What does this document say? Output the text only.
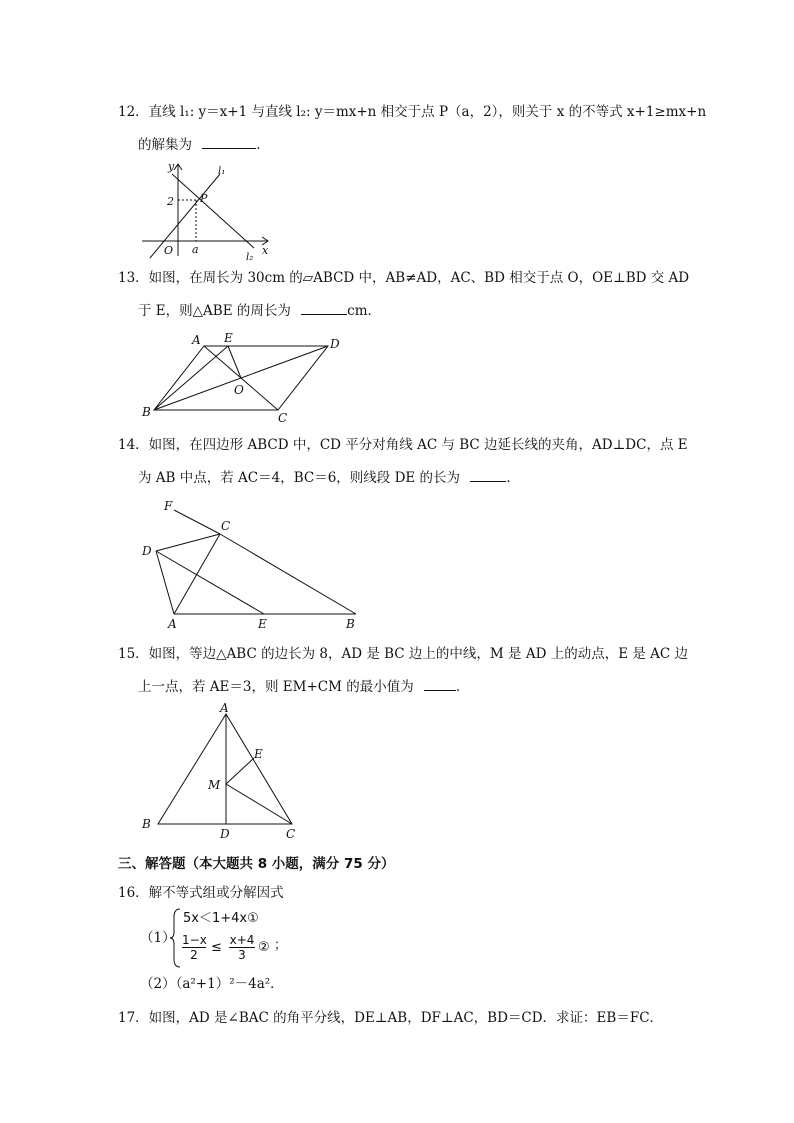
12．直线 l₁: y＝x+1 与直线 l₂: y＝mx+n 相交于点 P（a，2），则关于 x 的不等式 x+1≥mx+n
的解集为	．
y
x
O
2
a
P
l₁
l₂
13．如图，在周长为 30cm 的▱ABCD 中，AB≠AD，AC、BD 相交于点 O，OE⊥BD 交 AD
于 E，则△ABE 的周长为	cm．
A E	D
O
B	C
14．如图，在四边形 ABCD 中，CD 平分对角线 AC 与 BC 边延长线的夹角，AD⊥DC，点 E
为 AB 中点，若 AC＝4，BC＝6，则线段 DE 的长为	．
F
C
D
A	E	B
15．如图，等边△ABC 的边长为 8，AD 是 BC 边上的中线，M 是 AD 上的动点，E 是 AC 边
上一点，若 AE＝3，则 EM+CM 的最小值为	．
A
E
M
B
D	C
三、解答题（本大题共 8 小题，满分 75 分）
16．解不等式组或分解因式
（1）
5x＜1+4x①
$\frac{1-x}{2} \le \frac{x+4}{3}$ ② ；
（2）（a²+1）²－4a²．
17．如图，AD 是∠BAC 的角平分线，DE⊥AB，DF⊥AC，BD＝CD．求证：EB＝FC．
